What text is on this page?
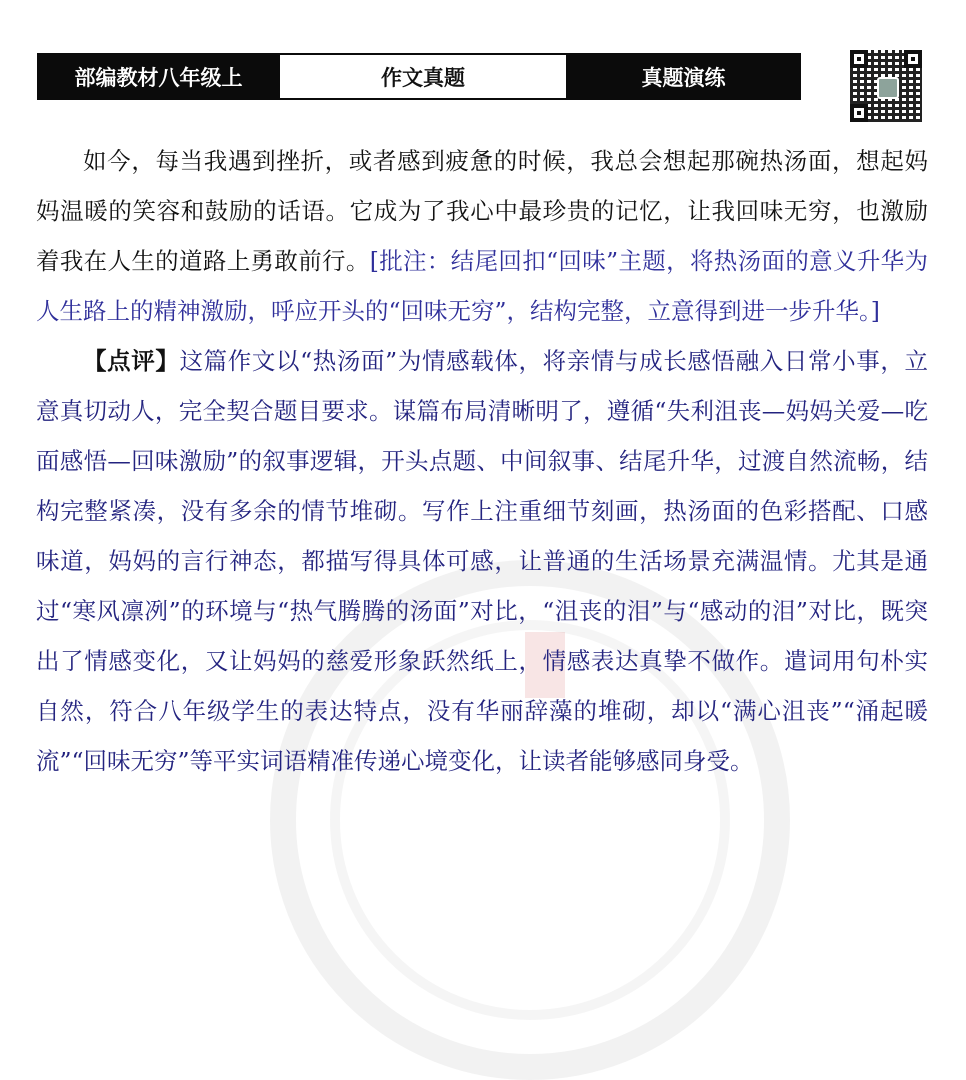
部编教材八年级上	作文真题	真题演练

如今，每当我遇到挫折，或者感到疲惫的时候，我总会想起那碗热汤面，想起妈妈温暖的笑容和鼓励的话语。它成为了我心中最珍贵的记忆，让我回味无穷，也激励着我在人生的道路上勇敢前行。[批注：结尾回扣“回味”主题，将热汤面的意义升华为人生路上的精神激励，呼应开头的“回味无穷”，结构完整，立意得到进一步升华。]

【点评】这篇作文以“热汤面”为情感载体，将亲情与成长感悟融入日常小事，立意真切动人，完全契合题目要求。谋篇布局清晰明了，遵循“失利沮丧—妈妈关爱—吃面感悟—回味激励”的叙事逻辑，开头点题、中间叙事、结尾升华，过渡自然流畅，结构完整紧凑，没有多余的情节堆砌。写作上注重细节刻画，热汤面的色彩搭配、口感味道，妈妈的言行神态，都描写得具体可感，让普通的生活场景充满温情。尤其是通过“寒风凛冽”的环境与“热气腾腾的汤面”对比，“沮丧的泪”与“感动的泪”对比，既突出了情感变化，又让妈妈的慈爱形象跃然纸上，情感表达真挚不做作。遣词用句朴实自然，符合八年级学生的表达特点，没有华丽辞藻的堆砌，却以“满心沮丧”“涌起暖流”“回味无穷”等平实词语精准传递心境变化，让读者能够感同身受。
